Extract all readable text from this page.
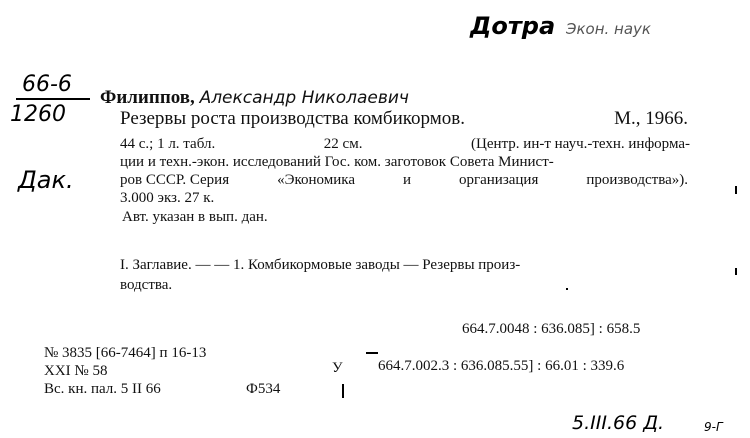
Дотра Экон. наук
66-6
1260
Дак.
Филиппов, Александр Николаевич
Резервы роста производства комбикормов.	М., 1966.
44 с.; 1 л. табл.	22 см.	(Центр. ин-т науч.-техн. информа-
ции и техн.-экон. исследований Гос. ком. заготовок Совета Минист-
ров СССР. Серия	«Экономика	и	организация	производства»).
3.000 экз. 27 к.
Авт. указан в вып. дан.
I. Заглавие. — — 1. Комбикормовые заводы — Резервы произ-
водства.
664.7.0048 : 636.085] : 658.5
У 664.7.002.3 : 636.085.55] : 66.01 : 339.6
№ 3835 [66-7464] п 16-13
XXI № 58
Вс. кн. пал. 5 II 66	Ф534
5.III.66 Д.	9-Г
